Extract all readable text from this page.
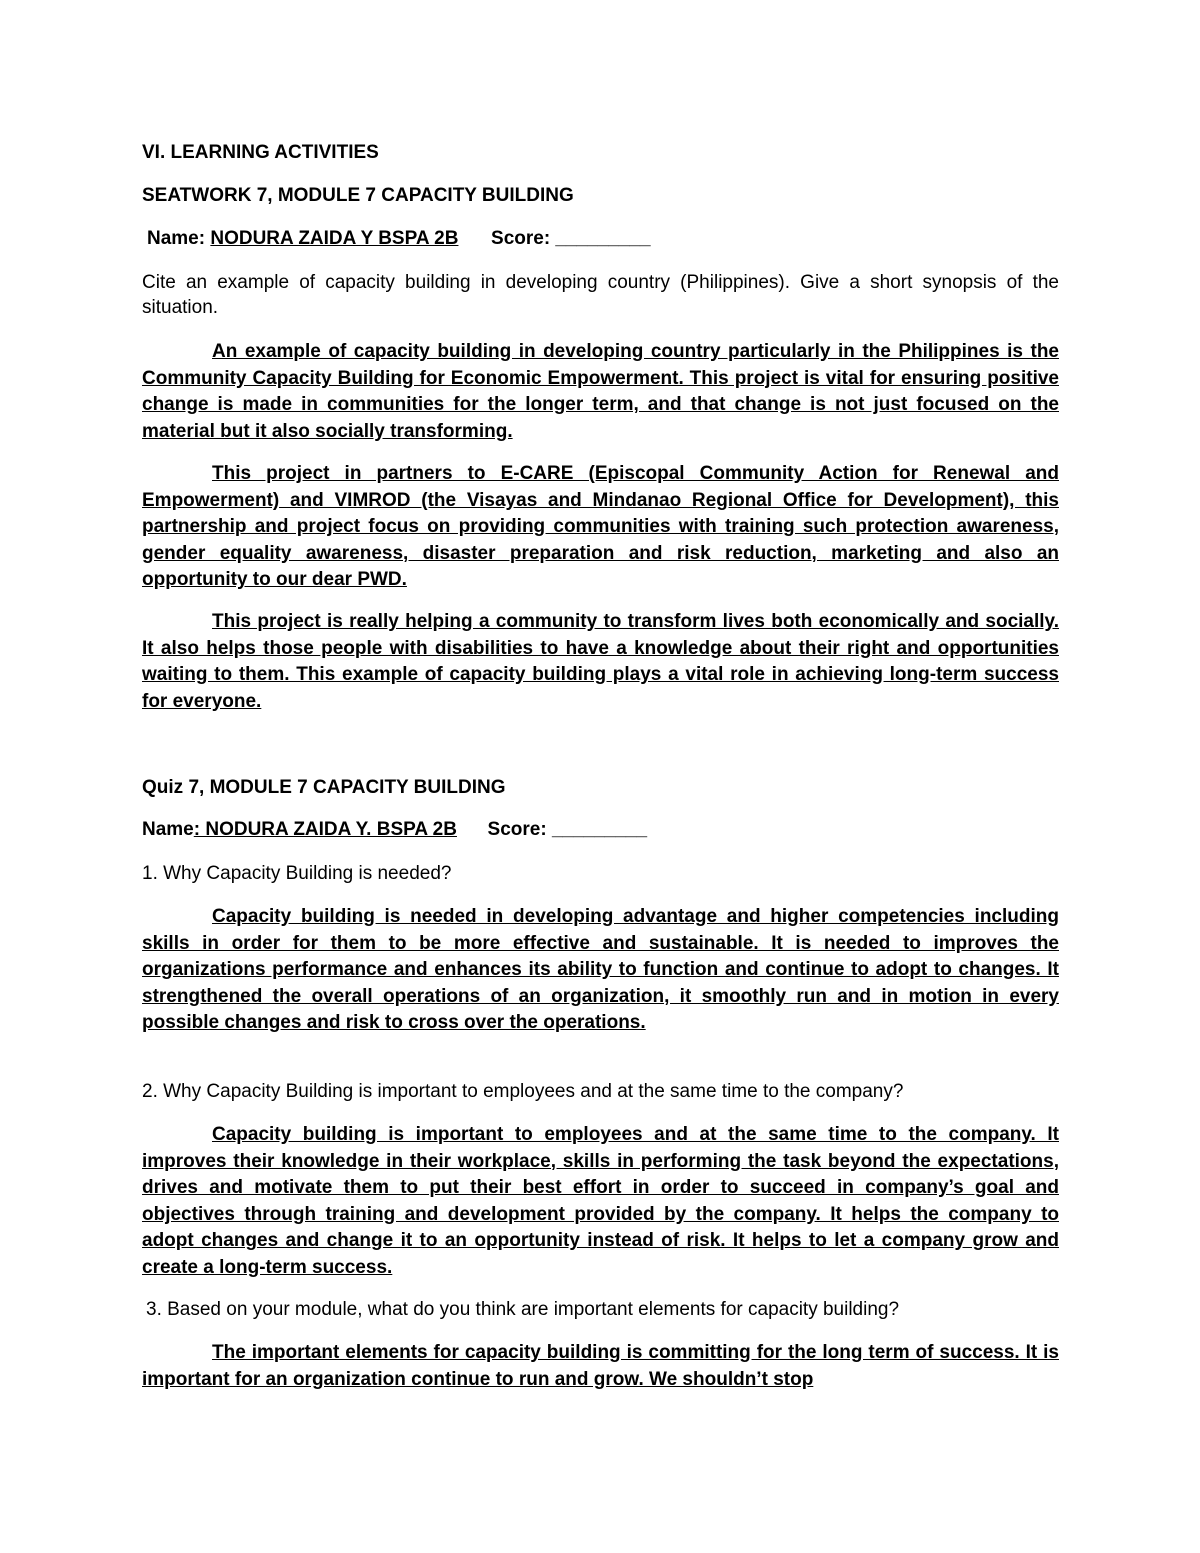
VI. LEARNING ACTIVITIES
SEATWORK 7, MODULE 7 CAPACITY BUILDING
Name: NODURA ZAIDA Y BSPA 2B Score: _________
Cite an example of capacity building in developing country (Philippines). Give a short synopsis of the situation.
An example of capacity building in developing country particularly in the Philippines is the Community Capacity Building for Economic Empowerment. This project is vital for ensuring positive change is made in communities for the longer term, and that change is not just focused on the material but it also socially transforming.
This project in partners to E-CARE (Episcopal Community Action for Renewal and Empowerment) and VIMROD (the Visayas and Mindanao Regional Office for Development), this partnership and project focus on providing communities with training such protection awareness, gender equality awareness, disaster preparation and risk reduction, marketing and also an opportunity to our dear PWD.
This project is really helping a community to transform lives both economically and socially. It also helps those people with disabilities to have a knowledge about their right and opportunities waiting to them. This example of capacity building plays a vital role in achieving long-term success for everyone.
Quiz 7, MODULE 7 CAPACITY BUILDING
Name: NODURA ZAIDA Y. BSPA 2B Score: _________
1. Why Capacity Building is needed?
Capacity building is needed in developing advantage and higher competencies including skills in order for them to be more effective and sustainable. It is needed to improves the organizations performance and enhances its ability to function and continue to adopt to changes. It strengthened the overall operations of an organization, it smoothly run and in motion in every possible changes and risk to cross over the operations.
2. Why Capacity Building is important to employees and at the same time to the company?
Capacity building is important to employees and at the same time to the company. It improves their knowledge in their workplace, skills in performing the task beyond the expectations, drives and motivate them to put their best effort in order to succeed in company’s goal and objectives through training and development provided by the company. It helps the company to adopt changes and change it to an opportunity instead of risk. It helps to let a company grow and create a long-term success.
3. Based on your module, what do you think are important elements for capacity building?
The important elements for capacity building is committing for the long term of success. It is important for an organization continue to run and grow. We shouldn’t stop
